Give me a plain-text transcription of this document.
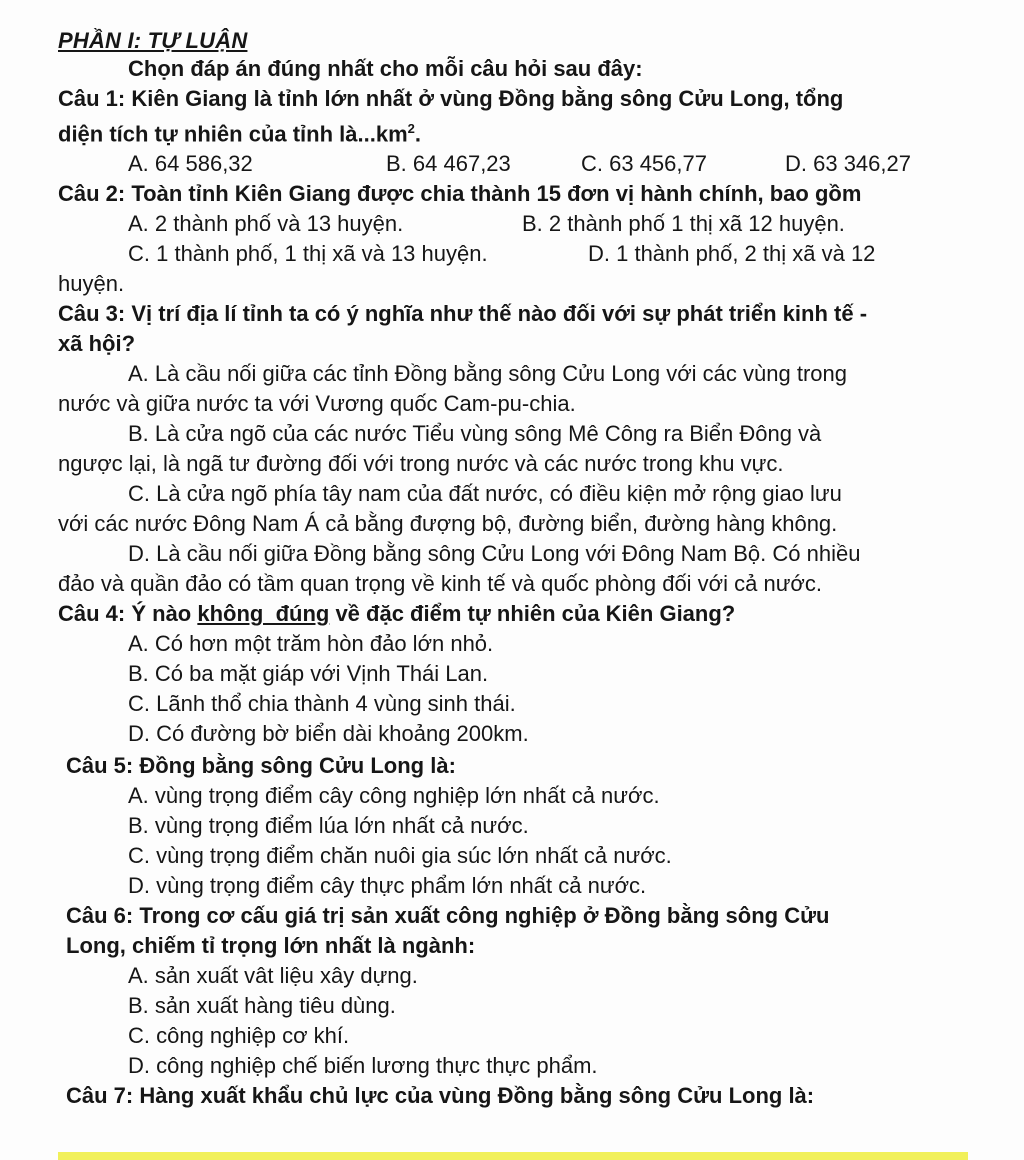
PHẦN I: TỰ LUẬN
Chọn đáp án đúng nhất cho mỗi câu hỏi sau đây:
Câu 1: Kiên Giang là tỉnh lớn nhất ở vùng Đồng bằng sông Cửu Long, tổng
diện tích tự nhiên của tỉnh $là...km^2$.
A. 64 586,32	B. 64 467,23	C. 63 456,77	D. 63 346,27
Câu 2: Toàn tỉnh Kiên Giang được chia thành 15 đơn vị hành chính, bao gồm
A. 2 thành phố và 13 huyện.	B. 2 thành phố 1 thị xã 12 huyện.
C. 1 thành phố, 1 thị xã và 13 huyện.	D. 1 thành phố, 2 thị xã và 12
huyện.
Câu 3: Vị trí địa lí tỉnh ta có ý nghĩa như thế nào đối với sự phát triển kinh tế -
xã hội?
A. Là cầu nối giữa các tỉnh Đồng bằng sông Cửu Long với các vùng trong
nước và giữa nước ta với Vương quốc Cam-pu-chia.
B. Là cửa ngõ của các nước Tiểu vùng sông Mê Công ra Biển Đông và
ngược lại, là ngã tư đường đối với trong nước và các nước trong khu vực.
C. Là cửa ngõ phía tây nam của đất nước, có điều kiện mở rộng giao lưu
với các nước Đông Nam Á cả bằng đượng bộ, đường biển, đường hàng không.
D. Là cầu nối giữa Đồng bằng sông Cửu Long với Đông Nam Bộ. Có nhiều
đảo và quần đảo có tầm quan trọng về kinh tế và quốc phòng đối với cả nước.
Câu 4: Ý nào không  đúng về đặc điểm tự nhiên của Kiên Giang?
A. Có hơn một trăm hòn đảo lớn nhỏ.
B. Có ba mặt giáp với Vịnh Thái Lan.
C. Lãnh thổ chia thành 4 vùng sinh thái.
D. Có đường bờ biển dài khoảng 200km.
Câu 5: Đồng bằng sông Cửu Long là:
A. vùng trọng điểm cây công nghiệp lớn nhất cả nước.
B. vùng trọng điểm lúa lớn nhất cả nước.
C. vùng trọng điểm chăn nuôi gia súc lớn nhất cả nước.
D. vùng trọng điểm cây thực phẩm lớn nhất cả nước.
Câu 6: Trong cơ cấu giá trị sản xuất công nghiệp ở Đồng bằng sông Cửu
Long, chiếm tỉ trọng lớn nhất là ngành:
A. sản xuất vât liệu xây dựng.
B. sản xuất hàng tiêu dùng.
C. công nghiệp cơ khí.
D. công nghiệp chế biến lương thực thực phẩm.
Câu 7: Hàng xuất khẩu chủ lực của vùng Đồng bằng sông Cửu Long là:
